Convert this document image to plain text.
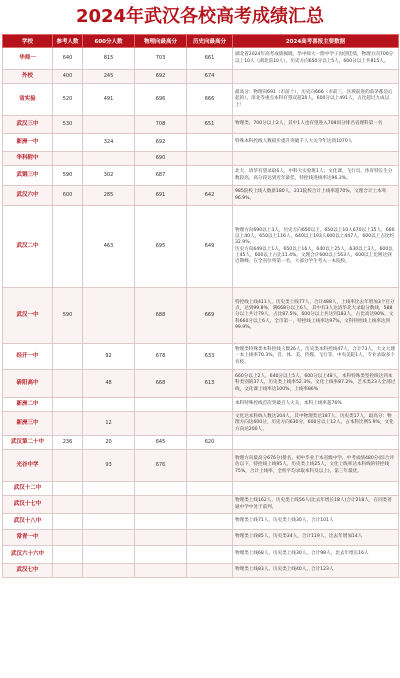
2024年武汉各校高考成绩汇总
学校	参考人数	600分人数	物理向最高分	历史向最高分	2024高考喜报主要数据
华师一	640	815	703	661	湖北省2024年高考成绩揭晓，华中师大一附中学子再创佳绩，物理方向700分以上10人（湖北前10人），历史方向650分以上5人，600分以上共815人。
外校	400	245	692	674	
省实验	520	491	696	666	最高分：物理向691（市前十），历史向666（市前三，区域前进的前茅都是后起的）。清北等重点本科有望双超20人，600分以上491人，占比超过九成以上！
武汉三中	530		708	651	物理类，700分以上2人，其中1人也有望进入708同分排名省理科第一名
新洲一中		324	692		特殊本科控线人数稳步提升突破千人大关今年达到1070人
华科附中			690		
武钢三中	590	302	687		北大、清华有望录取6人，中科大实验班1人；文化课、飞行员、体育特长生分数较高，高分段达到近年最佳，特控线进线率达96.3%。
武汉六中	600	285	691	642	985院校上线人数新180人，211院校合计上线率超70%，文理合计上本率96.9%。
武汉二中		463	695	649	物理方向690以上3人，历史方向650以上。650以上10人670以上35人，660以上40人，650以上116人，640以上193人600以上447人，600以上占比约32.9%。
历史方向649以上1人，650以上16人，640以上25人，630以上3人，600以上45人，600以上占比11.4%。文理合计600以上563人，600以上比例达到近期峰，在全省位列第一名，大部分学生考入一本院校。
武汉一中	590		688	669	特控线上线411人，历史类上线77人，合计488人，上线率比去年增加3个百分点，达到99.8%，满668分以上6人，其中有3人达清华北大录取分数线，588分以上共计79人，占比87.5%，600分以上共达到183人，占比高达90%，文科660分以上6人，全市第一，特控线上线率达97%，文科特控线上线率达到99.9%。
经开一中		92	678	633	物理类特殊类本科控线人数26人，历史类本科控线47人，合计73人，大文大理一本上线率70.3%，音、体、美、传媒、飞行等，中央美院1人，专业录取多个名校。
硚阳高中		48	668	613	660分以上2人，640分以上5人，600分以上48人，本科特殊类型控线达到本科类别的37人，历史类上线率52.3%，文化上线率87.2%，艺术类23人全部过线，文化课上线率达100%，上线率86%
新洲二中					本科特殊控线首次突破百人大关，本科上线率超76%
新洲三中		12			文化达本科线人数达204人，其中物理类达187人，历史类17人，最高分：物理方向达600分，历史方向630分，600分以上12人，占本科比例5.9%，文化方向达200人。
武汉第二十中	236	20	645	620	
光谷中学		93	676		物理方向最高分676分(排名，初中毕业于本省级中学，中考成绩480分(综合评估以下，特控线上线95人，历史类上线25人，文化上线率达本科线的特控线75%，合计上线率，全校平均录取本科及以上)，第三年最优。
武汉十二中					
武汉十七中					物理类上线162人，历史类上线56人(比去年增长18人)合计218人，在同类普通中学中处于前列。
武汉十八中					物理类上线71人，历史类上线30人，合计101人
常青一中					物理类上线85人，历史类34人，合计119人，比去年增加14人
武汉六十六中					物理类上线68人，历史类上线30人，合计98人，比去年增长16人
武汉七中					物理类上线83人，历史类上线40人，合计123人
